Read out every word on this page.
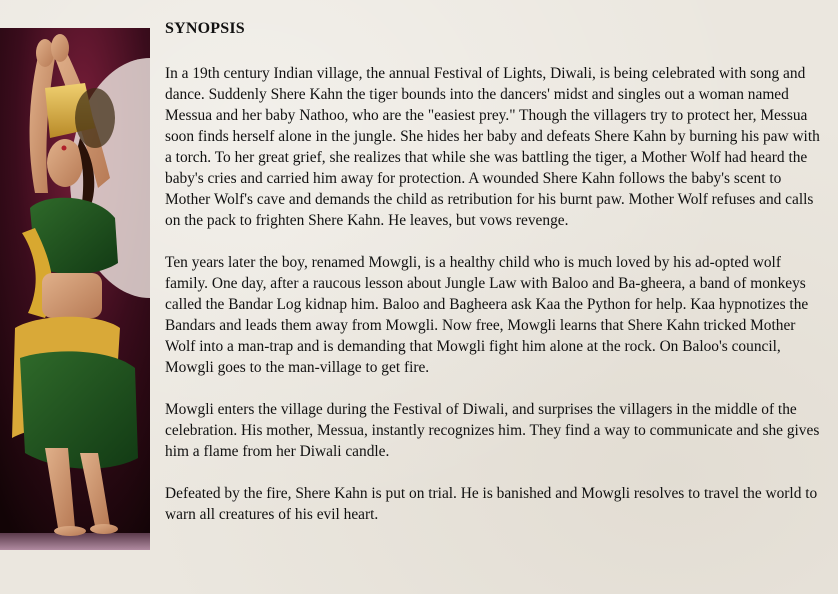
SYNOPSIS

In a 19th century Indian village, the annual Festival of Lights, Diwali, is being celebrated with song and dance. Suddenly Shere Kahn the tiger bounds into the dancers' midst and singles out a woman named Messua and her baby Nathoo, who are the "easiest prey." Though the villagers try to protect her, Messua soon finds herself alone in the jungle. She hides her baby and defeats Shere Kahn by burning his paw with a torch. To her great grief, she realizes that while she was battling the tiger, a Mother Wolf had heard the baby's cries and carried him away for protection. A wounded Shere Kahn follows the baby's scent to Mother Wolf's cave and demands the child as retribution for his burnt paw. Mother Wolf refuses and calls on the pack to frighten Shere Kahn. He leaves, but vows revenge.

Ten years later the boy, renamed Mowgli, is a healthy child who is much loved by his ad-opted wolf family. One day, after a raucous lesson about Jungle Law with Baloo and Ba-gheera, a band of monkeys called the Bandar Log kidnap him. Baloo and Bagheera ask Kaa the Python for help. Kaa hypnotizes the Bandars and leads them away from Mowgli. Now free, Mowgli learns that Shere Kahn tricked Mother Wolf into a man-trap and is demanding that Mowgli fight him alone at the rock. On Baloo's council, Mowgli goes to the man-village to get fire.

Mowgli enters the village during the Festival of Diwali, and surprises the villagers in the middle of the celebration. His mother, Messua, instantly recognizes him. They find a way to communicate and she gives him a flame from her Diwali candle.

Defeated by the fire, Shere Kahn is put on trial. He is banished and Mowgli resolves to travel the world to warn all creatures of his evil heart.
